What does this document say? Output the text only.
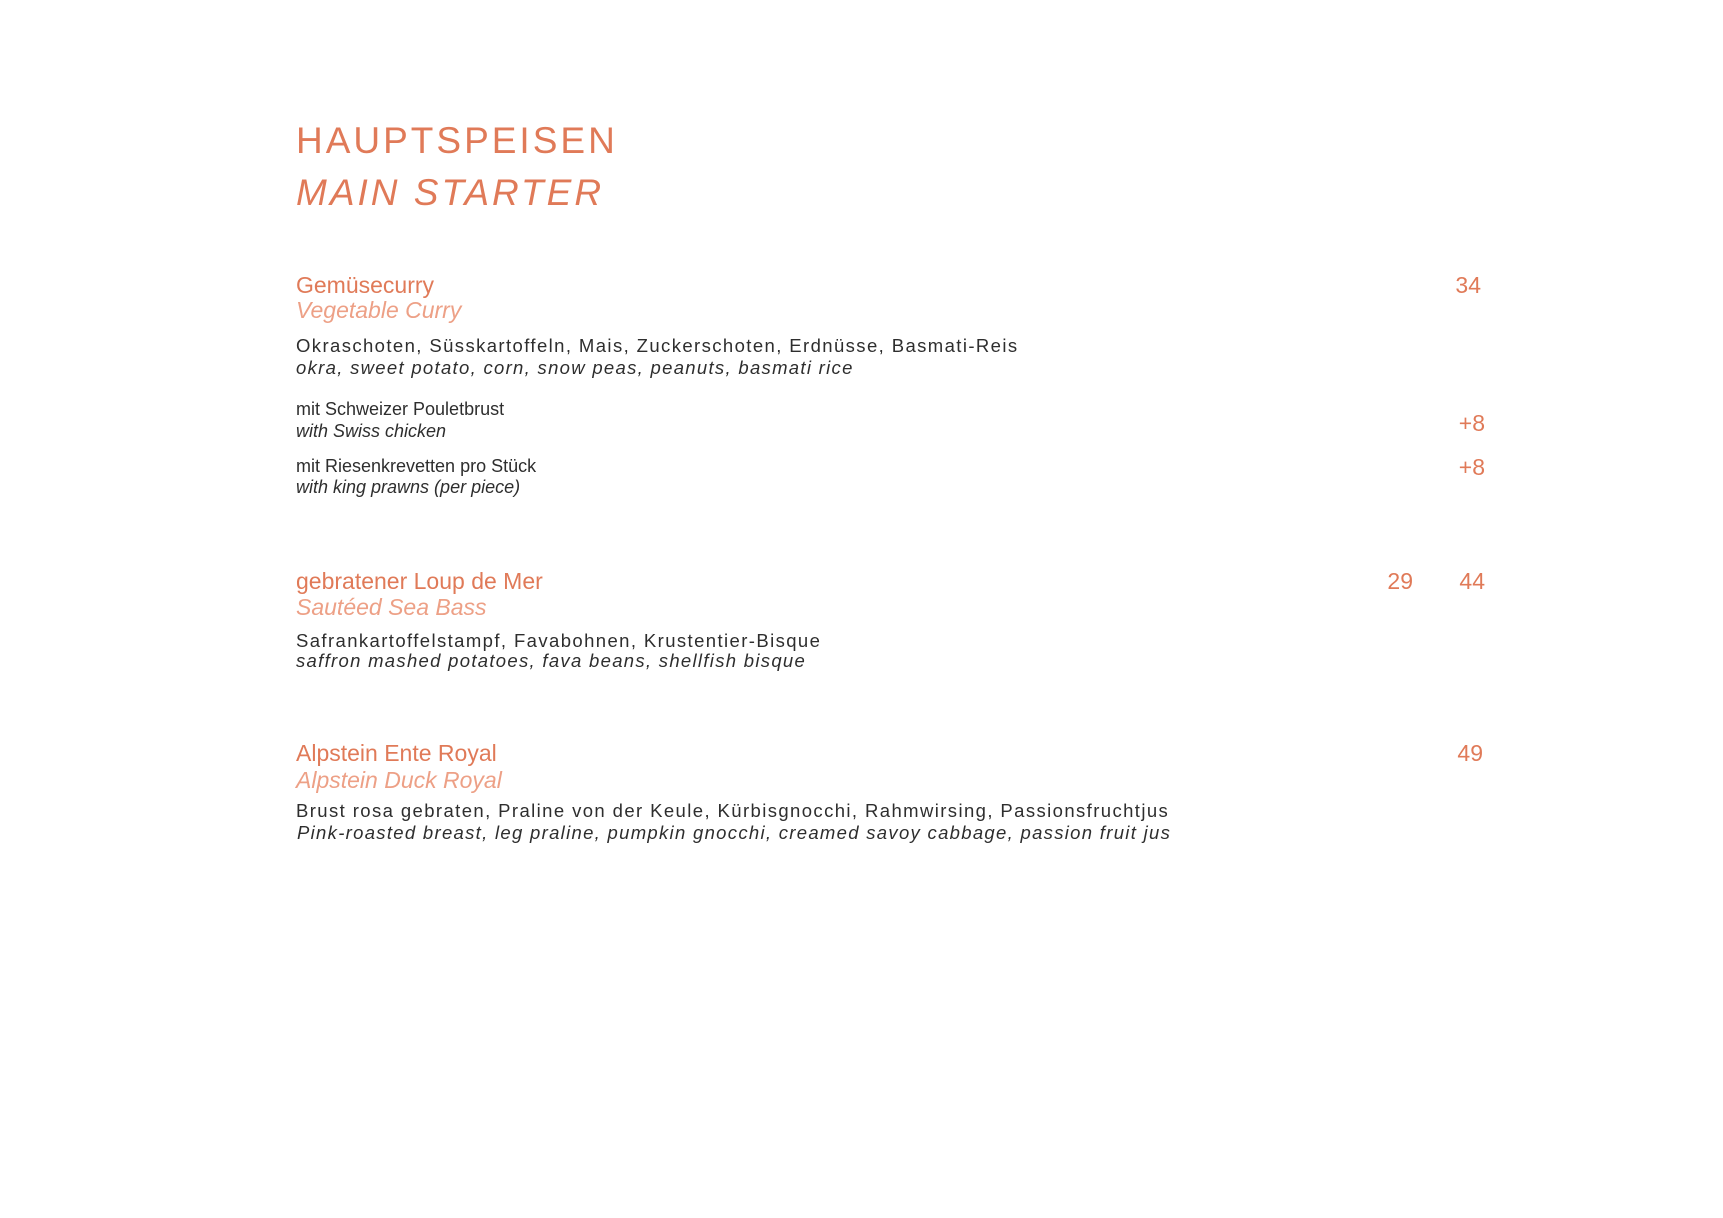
HAUPTSPEISEN
MAIN STARTER
Gemüsecurry
Vegetable Curry
34
Okraschoten, Süsskartoffeln, Mais, Zuckerschoten, Erdnüsse, Basmati-Reis
okra, sweet potato, corn, snow peas, peanuts, basmati rice
mit Schweizer Pouletbrust
with Swiss chicken	+8
mit Riesenkrevetten pro Stück
with king prawns (per piece)
+8
gebratener Loup de Mer
Sautéed Sea Bass
29 44
Safrankartoffelstampf, Favabohnen, Krustentier-Bisque
saffron mashed potatoes, fava beans, shellfish bisque
Alpstein Ente Royal
Alpstein Duck Royal
49
Brust rosa gebraten, Praline von der Keule, Kürbisgnocchi, Rahmwirsing, Passionsfruchtjus
Pink-roasted breast, leg praline, pumpkin gnocchi, creamed savoy cabbage, passion fruit jus
